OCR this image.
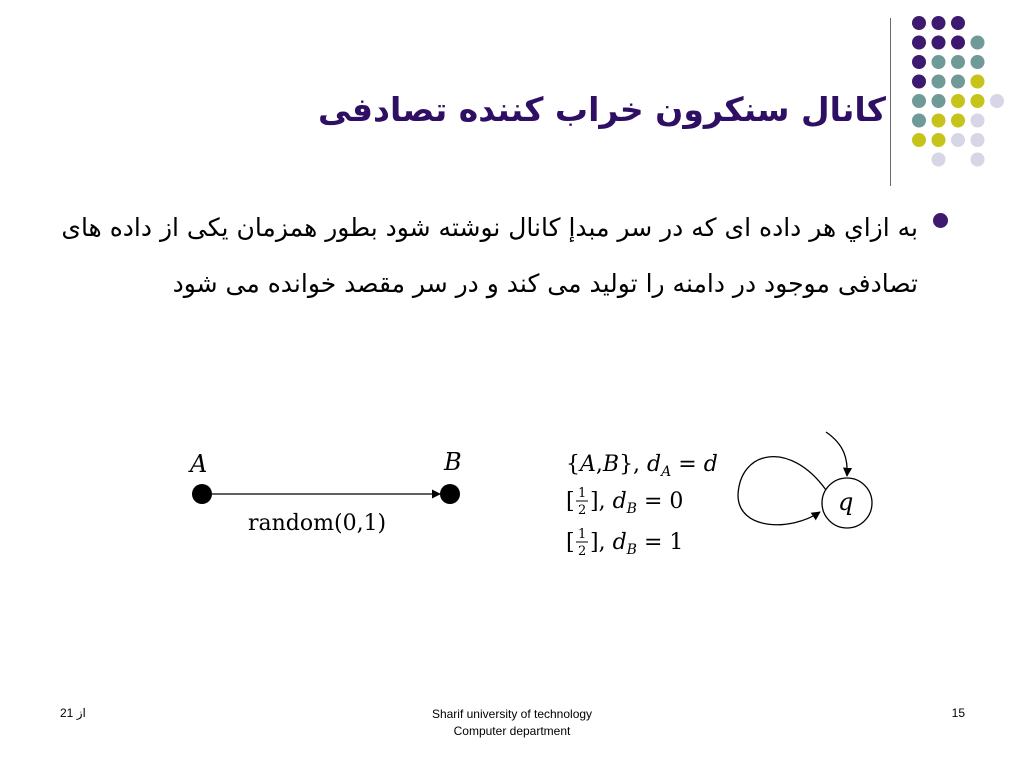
کانال سنکرون خراب کننده تصادفی
به ازاي هر داده ای که در سر مبدإ کانال نوشته شود بطور همزمان یکی از داده های تصادفی موجود در دامنه را تولید می کند و در سر مقصد خوانده می شود
A	B
random(0,1)
{A,B}, $d_A = d$
[ 1
2 ], $d_B = 0$
[ 1
2 ], $d_B = 1$
q
از 21	Sharif university of technology
Computer department
15
